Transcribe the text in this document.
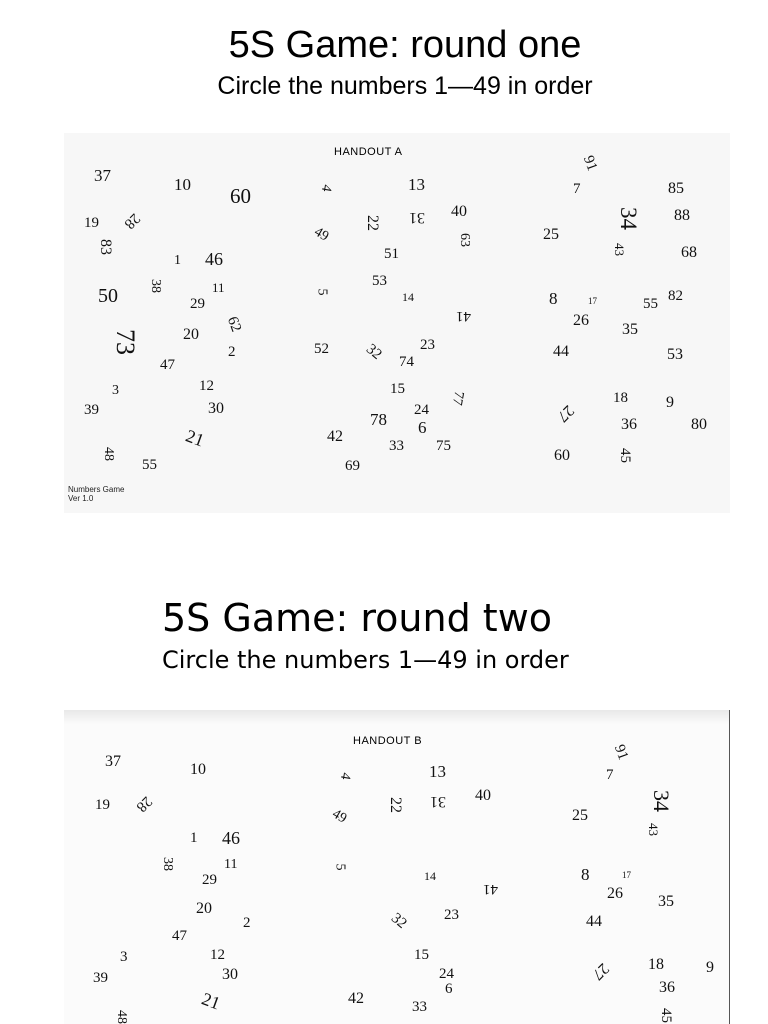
5S Game: round one

Circle the numbers 1—49 in order

HANDOUT A
37	10 60
19 28
83
1 46
50 38	11
29
62
73	20
2
47
3	12
39	30
21
48
55
4	13
22 31 40
49	63
51
53
5	14
41
52 32 23
74
15
77
24
78 6
42
33 75
69
91
7	85
34 88
25
43	68
8	17	55 82
26
35
44	53
18 9
27	36	80
60	45
Numbers Game
Ver 1.0
5S Game: round two

Circle the numbers 1—49 in order

HANDOUT B
37	10
19 28
1 46
38	11
29
20
2
47
3	12
39	30
21
48
4	13
22 31 40
49
5
14
41
32 23
15
24
6
42	33
91
7
34
25
43
8	17
26 35
44
27 18	9
36
45
